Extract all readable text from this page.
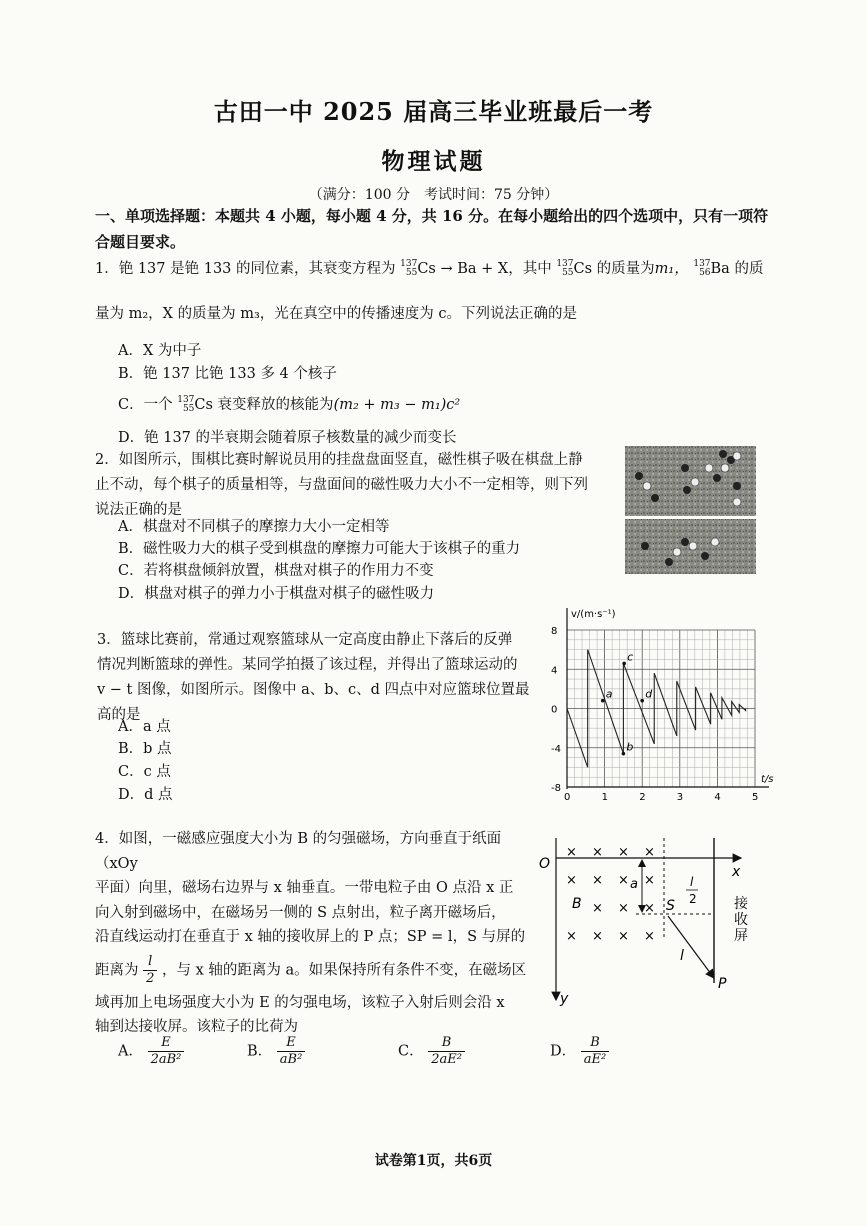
古田一中 2025 届高三毕业班最后一考
物理试题
（满分：100 分　考试时间：75 分钟）
一、单项选择题：本题共 4 小题，每小题 4 分，共 16 分。在每小题给出的四个选项中，只有一项符合题目要求。
1．铯 137 是铯 133 的同位素，其衰变方程为 137
55 Cs → Ba + X，其中 137
55 Cs 的质量为m₁， 137
56 Ba 的质
量为 m₂，X 的质量为 m₃，光在真空中的传播速度为 c。下列说法正确的是
A．X 为中子
B．铯 137 比铯 133 多 4 个核子
C．一个 137
55 Cs 衰变释放的核能为(m₂ + m₃ − m₁)c²
D．铯 137 的半衰期会随着原子核数量的减少而变长
2．如图所示，围棋比赛时解说员用的挂盘盘面竖直，磁性棋子吸在棋盘上静
止不动，每个棋子的质量相等，与盘面间的磁性吸力大小不一定相等，则下列
说法正确的是
A．棋盘对不同棋子的摩擦力大小一定相等
B．磁性吸力大的棋子受到棋盘的摩擦力可能大于该棋子的重力
C．若将棋盘倾斜放置，棋盘对棋子的作用力不变
D．棋盘对棋子的弹力小于棋盘对棋子的磁性吸力
3．篮球比赛前，常通过观察篮球从一定高度由静止下落后的反弹
情况判断篮球的弹性。某同学拍摄了该过程，并得出了篮球运动的
v − t 图像，如图所示。图像中 a、b、c、d 四点中对应篮球位置最
高的是
A．a 点
B．b 点
C．c 点
D．d 点	0	1	2	3	4	5
8
4
0
-4
-8
a
b
c
d
v/(m·s⁻¹)
t/s
4．如图，一磁感应强度大小为 B 的匀强磁场，方向垂直于纸面（xOy
平面）向里，磁场右边界与 x 轴垂直。一带电粒子由 O 点沿 x 正
向入射到磁场中，在磁场另一侧的 S 点射出，粒子离开磁场后，
沿直线运动打在垂直于 x 轴的接收屏上的 P 点；SP = l，S 与屏的
距离为 $\frac{l}{2}$ ，与 x 轴的距离为 a。如果保持所有条件不变，在磁场区
域再加上电场强度大小为 E 的匀强电场，该粒子入射后则会沿 x
轴到达接收屏。该粒子的比荷为
A． $\frac{E}{\text{2aB²}}$	B． $\frac{E}{\text{aB²}}$	C． $\frac{B}{\text{2aE²}}$	D． $\frac{B}{\text{aE²}}$
O	x
y
接
收
屏
× × × ×
× × × ×
× × ×
× × × ×
B
a
S
l
2
l
P
试卷第1页，共6页
